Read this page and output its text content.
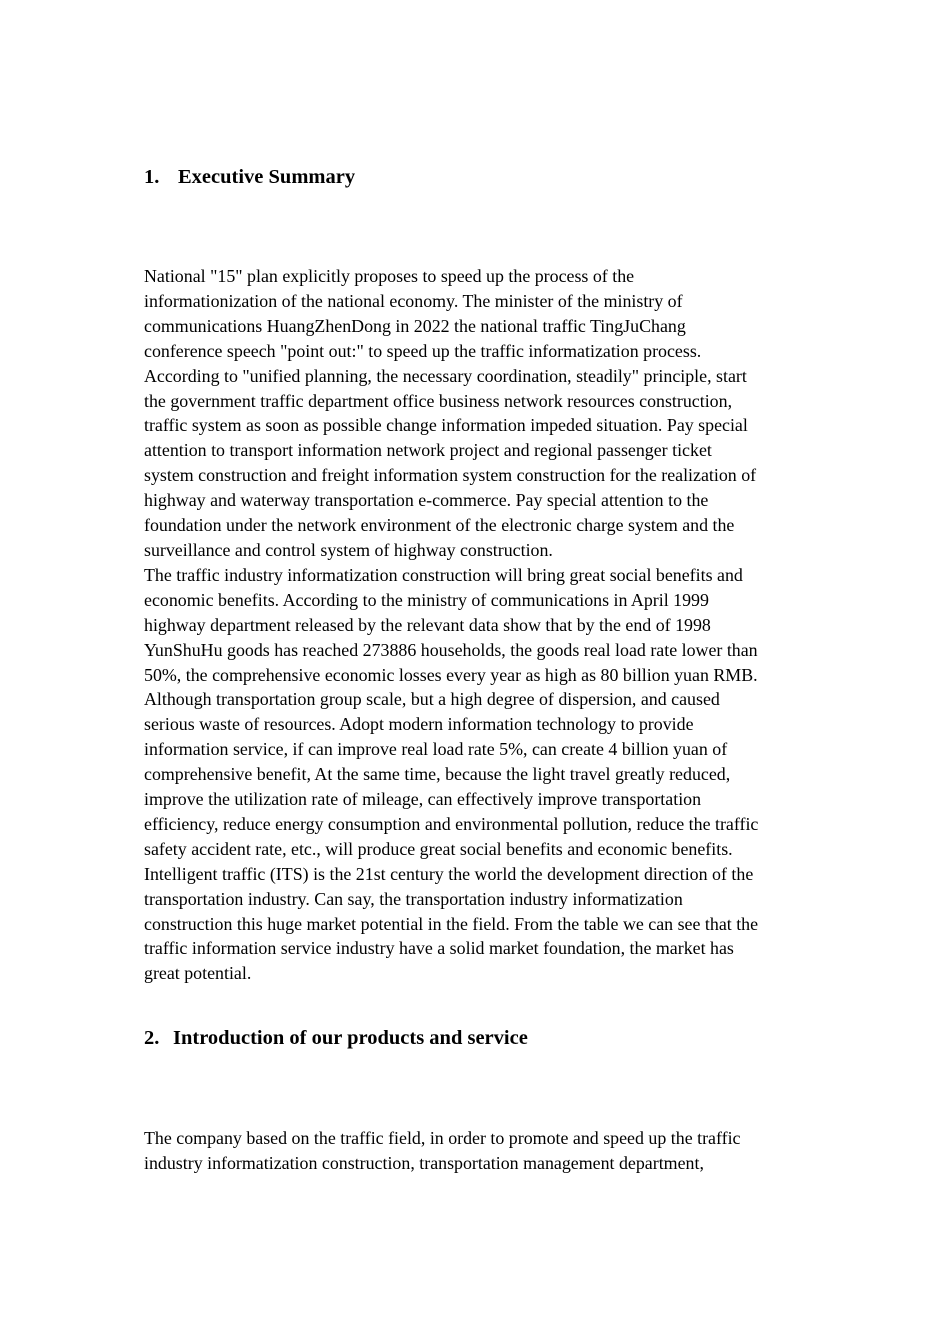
1. Executive Summary
National "15" plan explicitly proposes to speed up the process of the
informationization of the national economy. The minister of the ministry of
communications HuangZhenDong in 2022 the national traffic TingJuChang
conference speech "point out:" to speed up the traffic informatization process.
According to "unified planning, the necessary coordination, steadily" principle, start
the government traffic department office business network resources construction,
traffic system as soon as possible change information impeded situation. Pay special
attention to transport information network project and regional passenger ticket
system construction and freight information system construction for the realization of
highway and waterway transportation e-commerce. Pay special attention to the
foundation under the network environment of the electronic charge system and the
surveillance and control system of highway construction.
The traffic industry informatization construction will bring great social benefits and
economic benefits. According to the ministry of communications in April 1999
highway department released by the relevant data show that by the end of 1998
YunShuHu goods has reached 273886 households, the goods real load rate lower than
50%, the comprehensive economic losses every year as high as 80 billion yuan RMB.
Although transportation group scale, but a high degree of dispersion, and caused
serious waste of resources. Adopt modern information technology to provide
information service, if can improve real load rate 5%, can create 4 billion yuan of
comprehensive benefit, At the same time, because the light travel greatly reduced,
improve the utilization rate of mileage, can effectively improve transportation
efficiency, reduce energy consumption and environmental pollution, reduce the traffic
safety accident rate, etc., will produce great social benefits and economic benefits.
Intelligent traffic (ITS) is the 21st century the world the development direction of the
transportation industry. Can say, the transportation industry informatization
construction this huge market potential in the field. From the table we can see that the
traffic information service industry have a solid market foundation, the market has
great potential.
2. Introduction of our products and service
The company based on the traffic field, in order to promote and speed up the traffic
industry informatization construction, transportation management department,
